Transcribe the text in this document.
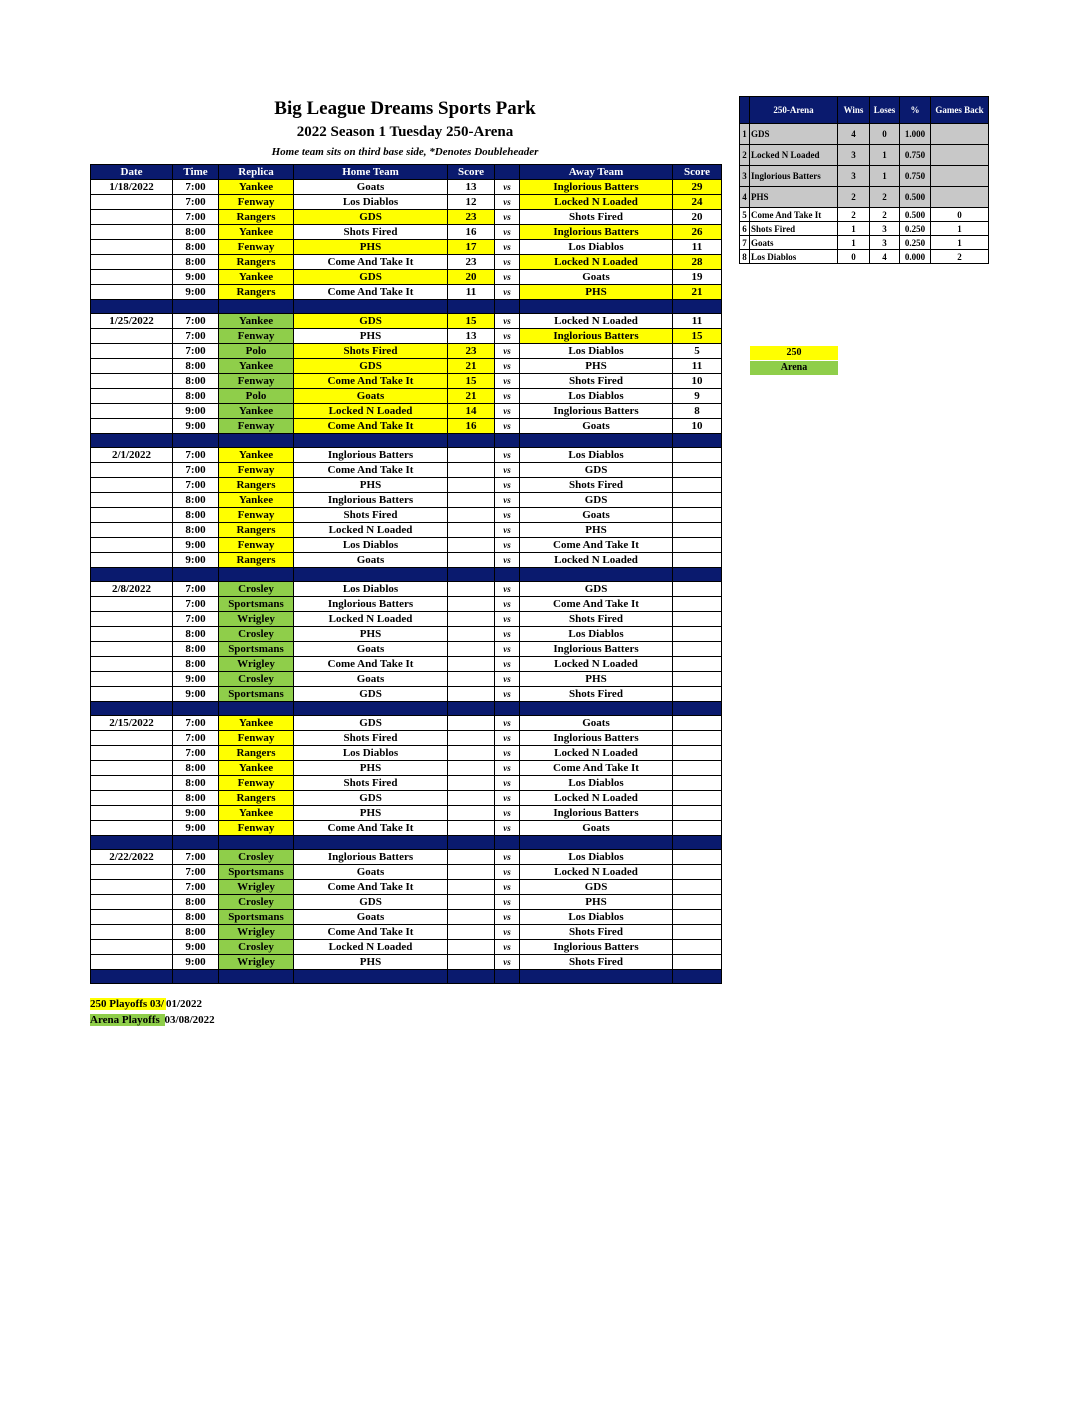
Big League Dreams Sports Park
2022 Season 1 Tuesday 250-Arena
Home team sits on third base side, *Denotes Doubleheader
Date	Time	Replica	Home Team	Score		Away Team	Score
1/18/2022	7:00	Yankee	Goats	13	vs	Inglorious Batters	29
	7:00	Fenway	Los Diablos	12	vs	Locked N Loaded	24
	7:00	Rangers	GDS	23	vs	Shots Fired	20
	8:00	Yankee	Shots Fired	16	vs	Inglorious Batters	26
	8:00	Fenway	PHS	17	vs	Los Diablos	11
	8:00	Rangers	Come And Take It	23	vs	Locked N Loaded	28
	9:00	Yankee	GDS	20	vs	Goats	19
	9:00	Rangers	Come And Take It	11	vs	PHS	21

1/25/2022	7:00	Yankee	GDS	15	vs	Locked N Loaded	11
	7:00	Fenway	PHS	13	vs	Inglorious Batters	15
	7:00	Polo	Shots Fired	23	vs	Los Diablos	5
	8:00	Yankee	GDS	21	vs	PHS	11
	8:00	Fenway	Come And Take It	15	vs	Shots Fired	10
	8:00	Polo	Goats	21	vs	Los Diablos	9
	9:00	Yankee	Locked N Loaded	14	vs	Inglorious Batters	8
	9:00	Fenway	Come And Take It	16	vs	Goats	10

2/1/2022	7:00	Yankee	Inglorious Batters		vs	Los Diablos	
	7:00	Fenway	Come And Take It		vs	GDS	
	7:00	Rangers	PHS		vs	Shots Fired	
	8:00	Yankee	Inglorious Batters		vs	GDS	
	8:00	Fenway	Shots Fired		vs	Goats	
	8:00	Rangers	Locked N Loaded		vs	PHS	
	9:00	Fenway	Los Diablos		vs	Come And Take It	
	9:00	Rangers	Goats		vs	Locked N Loaded	

2/8/2022	7:00	Crosley	Los Diablos		vs	GDS	
	7:00	Sportsmans	Inglorious Batters		vs	Come And Take It	
	7:00	Wrigley	Locked N Loaded		vs	Shots Fired	
	8:00	Crosley	PHS		vs	Los Diablos	
	8:00	Sportsmans	Goats		vs	Inglorious Batters	
	8:00	Wrigley	Come And Take It		vs	Locked N Loaded	
	9:00	Crosley	Goats		vs	PHS	
	9:00	Sportsmans	GDS		vs	Shots Fired	

2/15/2022	7:00	Yankee	GDS		vs	Goats	
	7:00	Fenway	Shots Fired		vs	Inglorious Batters	
	7:00	Rangers	Los Diablos		vs	Locked N Loaded	
	8:00	Yankee	PHS		vs	Come And Take It	
	8:00	Fenway	Shots Fired		vs	Los Diablos	
	8:00	Rangers	GDS		vs	Locked N Loaded	
	9:00	Yankee	PHS		vs	Inglorious Batters	
	9:00	Fenway	Come And Take It		vs	Goats	

2/22/2022	7:00	Crosley	Inglorious Batters		vs	Los Diablos	
	7:00	Sportsmans	Goats		vs	Locked N Loaded	
	7:00	Wrigley	Come And Take It		vs	GDS	
	8:00	Crosley	GDS		vs	PHS	
	8:00	Sportsmans	Goats		vs	Los Diablos	
	8:00	Wrigley	Come And Take It		vs	Shots Fired	
	9:00	Crosley	Locked N Loaded		vs	Inglorious Batters	
	9:00	Wrigley	PHS		vs	Shots Fired	

	250-Arena	Wins	Loses	%	Games Back
1	GDS	4	0	1.000	
2	Locked N Loaded	3	1	0.750	
3	Inglorious Batters	3	1	0.750	
4	PHS	2	2	0.500	
5	Come And Take It	2	2	0.500	0
6	Shots Fired	1	3	0.250	1
7	Goats	1	3	0.250	1
8	Los Diablos	0	4	0.000	2
250
Arena
250 Playoffs 03/ 01/2022
Arena Playoffs 03/08/2022
